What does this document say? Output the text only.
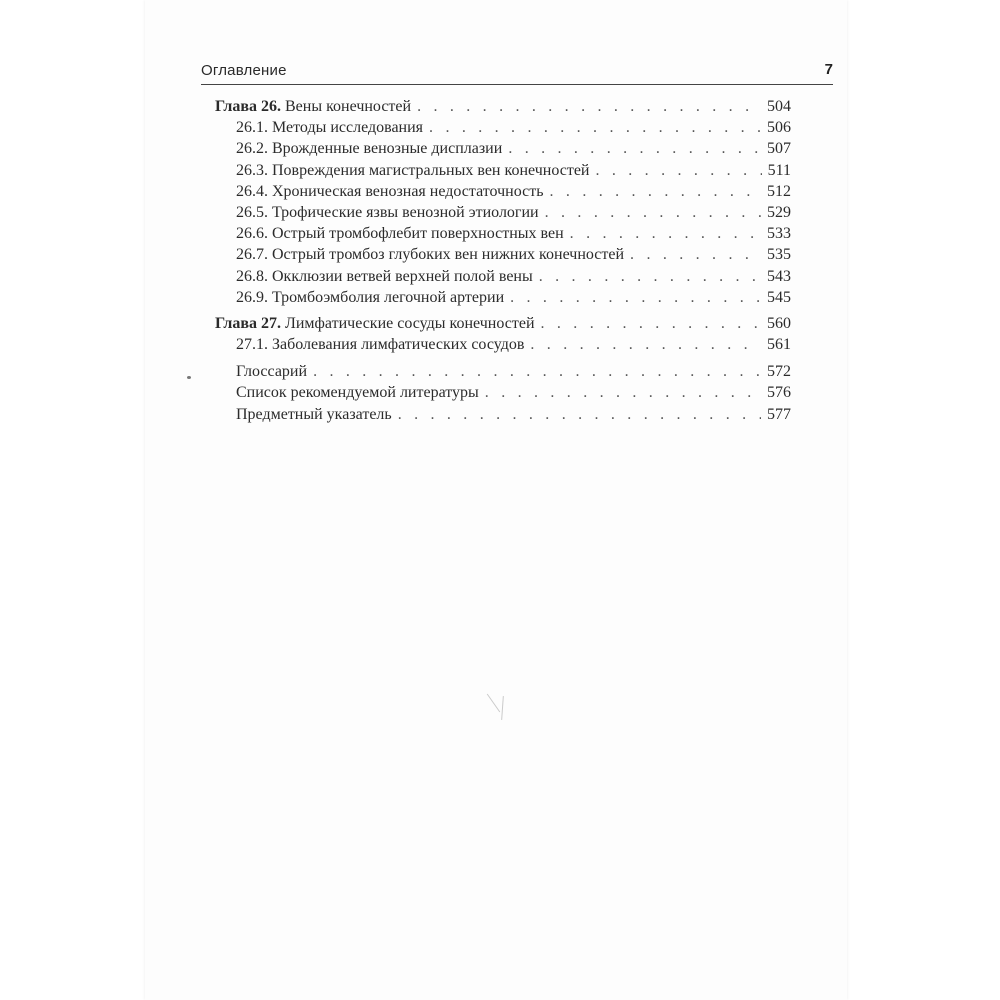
Оглавление	7
Глава 26. Вены конечностей . . .	504
26.1. Методы исследования . . .	506
26.2. Врожденные венозные дисплазии . . .	507
26.3. Повреждения магистральных вен конечностей . . .	511
26.4. Хроническая венозная недостаточность . . .	512
26.5. Трофические язвы венозной этиологии . . .	529
26.6. Острый тромбофлебит поверхностных вен . . .	533
26.7. Острый тромбоз глубоких вен нижних конечностей . . .	535
26.8. Окклюзии ветвей верхней полой вены . . .	543
26.9. Тромбоэмболия легочной артерии . . .	545
Глава 27. Лимфатические сосуды конечностей . . .	560
27.1. Заболевания лимфатических сосудов . . .	561
Глоссарий . . .	572
Список рекомендуемой литературы . . .	576
Предметный указатель . . .	577
